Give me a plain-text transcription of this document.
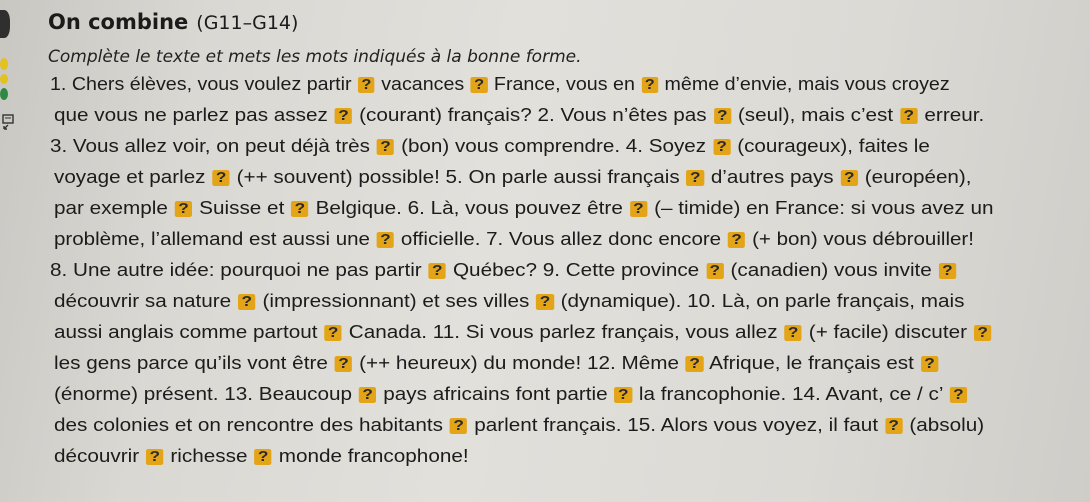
On combine (G11–G14)
Complète le texte et mets les mots indiqués à la bonne forme.
1. Chers élèves, vous voulez partir ? vacances ? France, vous en ? même d’envie, mais vous croyez
que vous ne parlez pas assez ? (courant) français? 2. Vous n’êtes pas ? (seul), mais c’est ? erreur.
3. Vous allez voir, on peut déjà très ? (bon) vous comprendre. 4. Soyez ? (courageux), faites le
voyage et parlez ? (++ souvent) possible! 5. On parle aussi français ? d’autres pays ? (européen),
par exemple ? Suisse et ? Belgique. 6. Là, vous pouvez être ? (– timide) en France: si vous avez un
problème, l’allemand est aussi une ? officielle. 7. Vous allez donc encore ? (+ bon) vous débrouiller!
8. Une autre idée: pourquoi ne pas partir ? Québec? 9. Cette province ? (canadien) vous invite ?
découvrir sa nature ? (impressionnant) et ses villes ? (dynamique). 10. Là, on parle français, mais
aussi anglais comme partout ? Canada. 11. Si vous parlez français, vous allez ? (+ facile) discuter ?
les gens parce qu’ils vont être ? (++ heureux) du monde! 12. Même ? Afrique, le français est ?
(énorme) présent. 13. Beaucoup ? pays africains font partie ? la francophonie. 14. Avant, ce / c’ ?
des colonies et on rencontre des habitants ? parlent français. 15. Alors vous voyez, il faut ? (absolu)
découvrir ? richesse ? monde francophone!
